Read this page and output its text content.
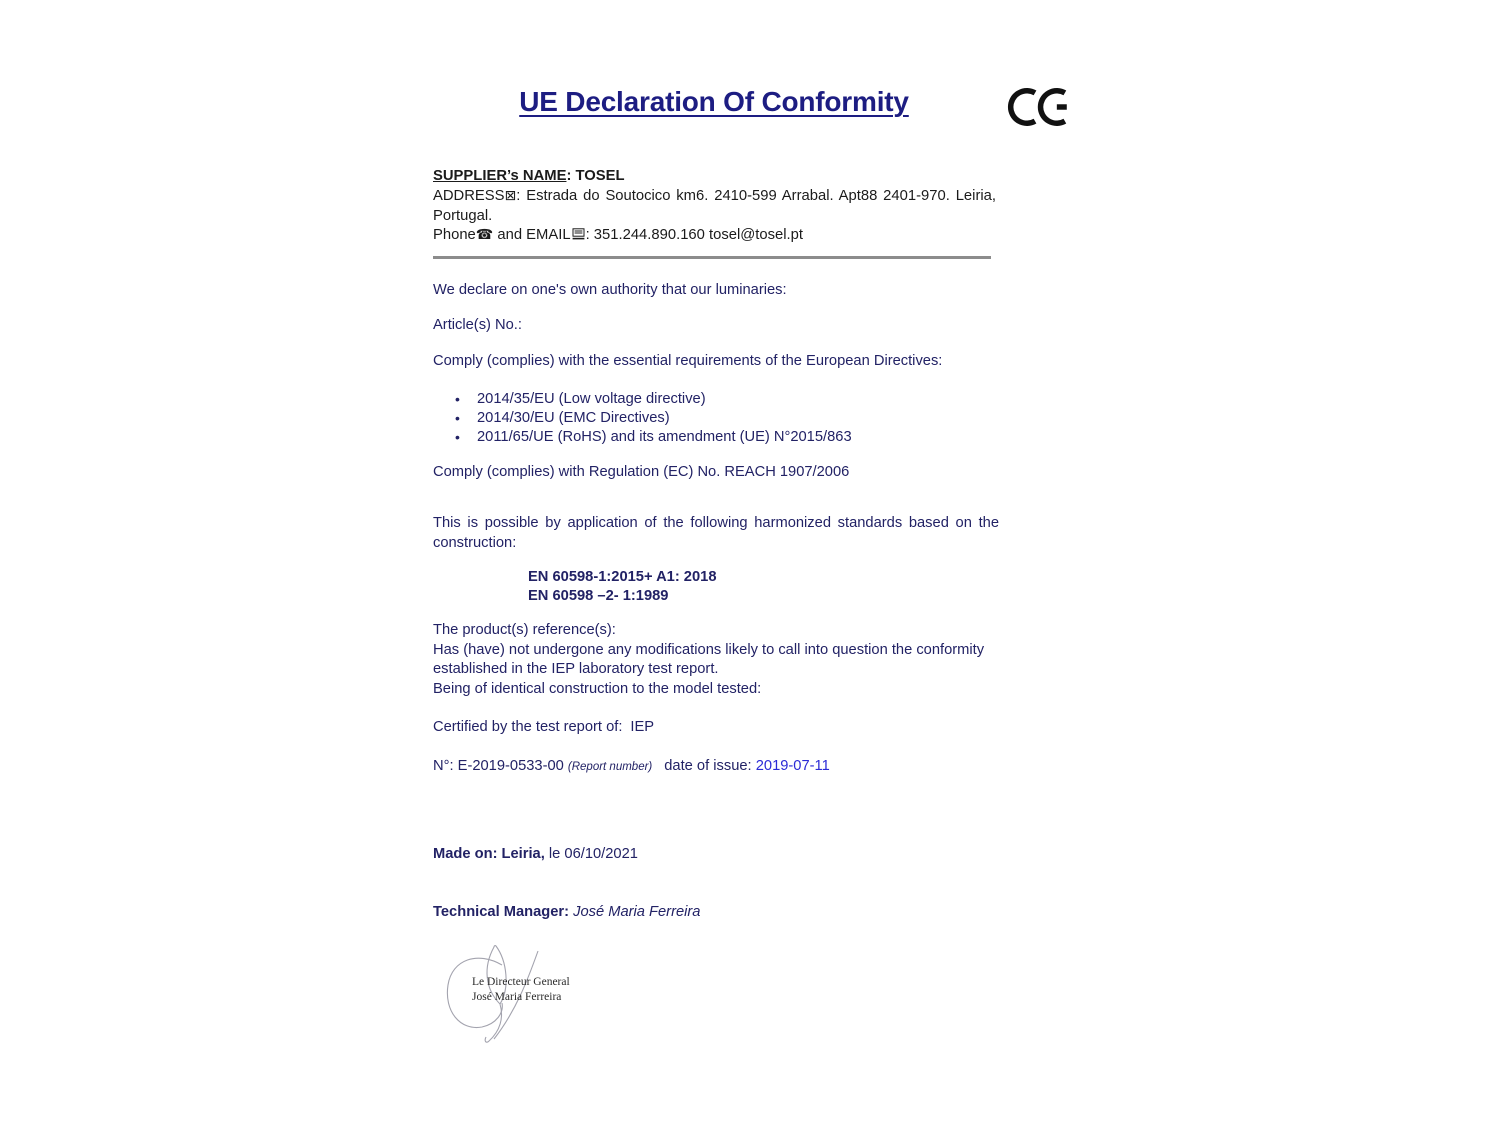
UE Declaration Of Conformity
SUPPLIER’s NAME: TOSEL
ADDRESS⊠: Estrada do Soutocico km6. 2410-599 Arrabal. Apt88 2401-970. Leiria, Portugal.
Phone☎ and EMAIL : 351.244.890.160 tosel@tosel.pt
We declare on one's own authority that our luminaries:
Article(s) No.:
Comply (complies) with the essential requirements of the European Directives:
• 2014/35/EU (Low voltage directive)
• 2014/30/EU (EMC Directives)
• 2011/65/UE (RoHS) and its amendment (UE) N°2015/863
Comply (complies) with Regulation (EC) No. REACH 1907/2006
This is possible by application of the following harmonized standards based on the construction:
EN 60598-1:2015+ A1: 2018
EN 60598 –2- 1:1989
The product(s) reference(s):
Has (have) not undergone any modifications likely to call into question the conformity established in the IEP laboratory test report.
Being of identical construction to the model tested:
Certified by the test report of: IEP
N°: E-2019-0533-00 (Report number) date of issue: 2019-07-11
Made on: Leiria, le 06/10/2021
Technical Manager: José Maria Ferreira
Le Directeur General
José Maria Ferreira
